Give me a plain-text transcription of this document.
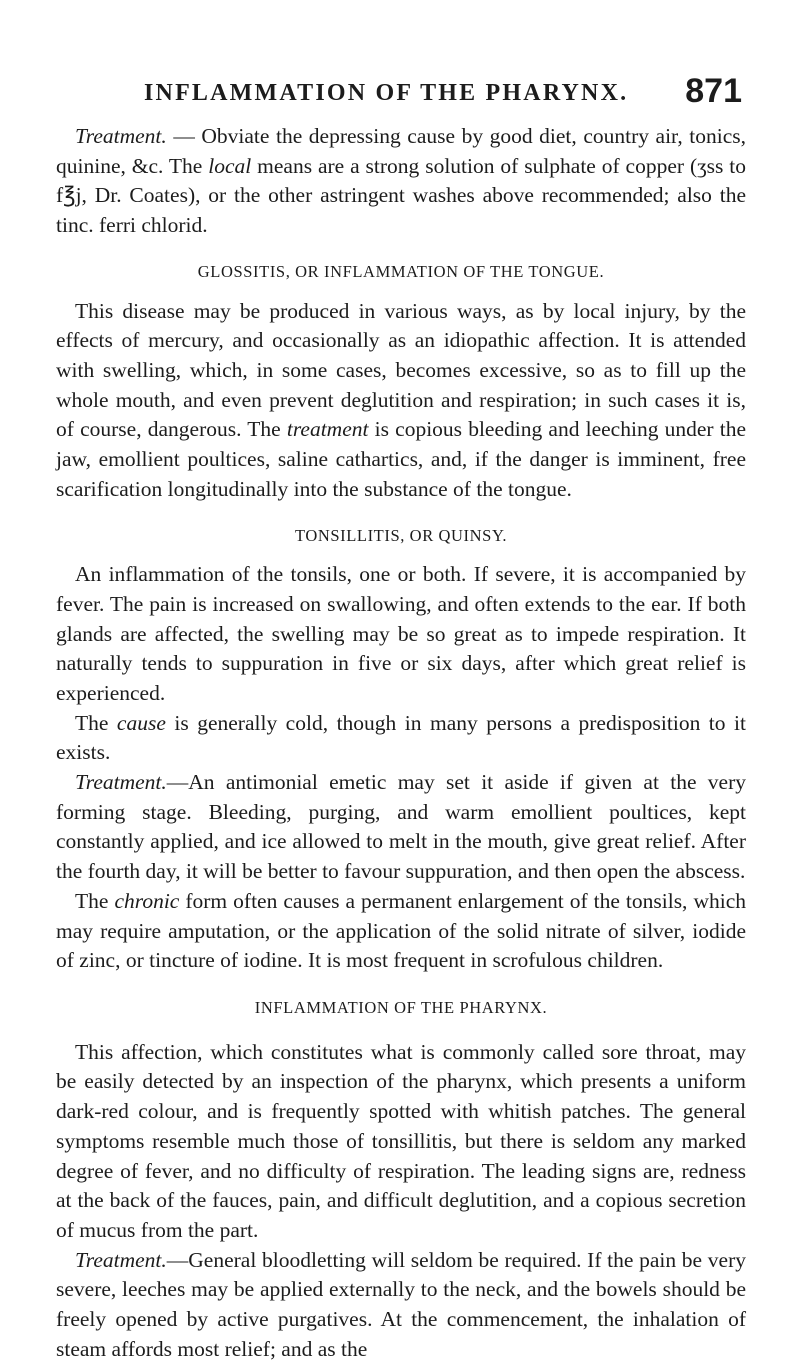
INFLAMMATION OF THE PHARYNX. 871

Treatment. — Obviate the depressing cause by good diet, country air, tonics, quinine, &c. The local means are a strong solution of sulphate of copper (ʒss to f℥j, Dr. Coates), or the other astringent washes above recommended; also the tinc. ferri chlorid.

GLOSSITIS, OR INFLAMMATION OF THE TONGUE.

This disease may be produced in various ways, as by local injury, by the effects of mercury, and occasionally as an idiopathic affection. It is attended with swelling, which, in some cases, becomes excessive, so as to fill up the whole mouth, and even prevent deglutition and respiration; in such cases it is, of course, dangerous. The treatment is copious bleeding and leeching under the jaw, emollient poultices, saline cathartics, and, if the danger is imminent, free scarification longitudinally into the substance of the tongue.

TONSILLITIS, OR QUINSY.

An inflammation of the tonsils, one or both. If severe, it is accompanied by fever. The pain is increased on swallowing, and often extends to the ear. If both glands are affected, the swelling may be so great as to impede respiration. It naturally tends to suppuration in five or six days, after which great relief is experienced.

The cause is generally cold, though in many persons a predisposition to it exists.

Treatment.—An antimonial emetic may set it aside if given at the very forming stage. Bleeding, purging, and warm emollient poultices, kept constantly applied, and ice allowed to melt in the mouth, give great relief. After the fourth day, it will be better to favour suppuration, and then open the abscess.

The chronic form often causes a permanent enlargement of the tonsils, which may require amputation, or the application of the solid nitrate of silver, iodide of zinc, or tincture of iodine. It is most frequent in scrofulous children.

INFLAMMATION OF THE PHARYNX.

This affection, which constitutes what is commonly called sore throat, may be easily detected by an inspection of the pharynx, which presents a uniform dark-red colour, and is frequently spotted with whitish patches. The general symptoms resemble much those of tonsillitis, but there is seldom any marked degree of fever, and no difficulty of respiration. The leading signs are, redness at the back of the fauces, pain, and difficult deglutition, and a copious secretion of mucus from the part.

Treatment.—General bloodletting will seldom be required. If the pain be very severe, leeches may be applied externally to the neck, and the bowels should be freely opened by active purgatives. At the commencement, the inhalation of steam affords most relief; and as the
